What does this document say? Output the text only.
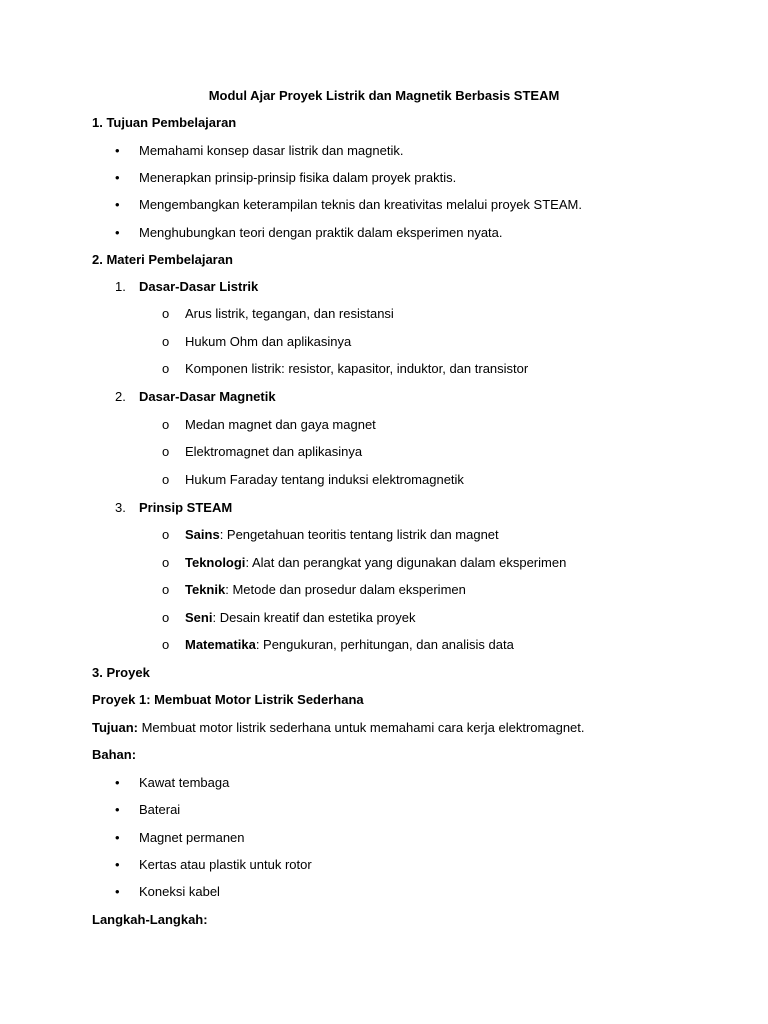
Modul Ajar Proyek Listrik dan Magnetik Berbasis STEAM
1. Tujuan Pembelajaran
• Memahami konsep dasar listrik dan magnetik.
• Menerapkan prinsip-prinsip fisika dalam proyek praktis.
• Mengembangkan keterampilan teknis dan kreativitas melalui proyek STEAM.
• Menghubungkan teori dengan praktik dalam eksperimen nyata.
2. Materi Pembelajaran
1. Dasar-Dasar Listrik
o Arus listrik, tegangan, dan resistansi
o Hukum Ohm dan aplikasinya
o Komponen listrik: resistor, kapasitor, induktor, dan transistor
2. Dasar-Dasar Magnetik
o Medan magnet dan gaya magnet
o Elektromagnet dan aplikasinya
o Hukum Faraday tentang induksi elektromagnetik
3. Prinsip STEAM
o Sains: Pengetahuan teoritis tentang listrik dan magnet
o Teknologi: Alat dan perangkat yang digunakan dalam eksperimen
o Teknik: Metode dan prosedur dalam eksperimen
o Seni: Desain kreatif dan estetika proyek
o Matematika: Pengukuran, perhitungan, dan analisis data
3. Proyek
Proyek 1: Membuat Motor Listrik Sederhana
Tujuan: Membuat motor listrik sederhana untuk memahami cara kerja elektromagnet.
Bahan:
• Kawat tembaga
• Baterai
• Magnet permanen
• Kertas atau plastik untuk rotor
• Koneksi kabel
Langkah-Langkah:
